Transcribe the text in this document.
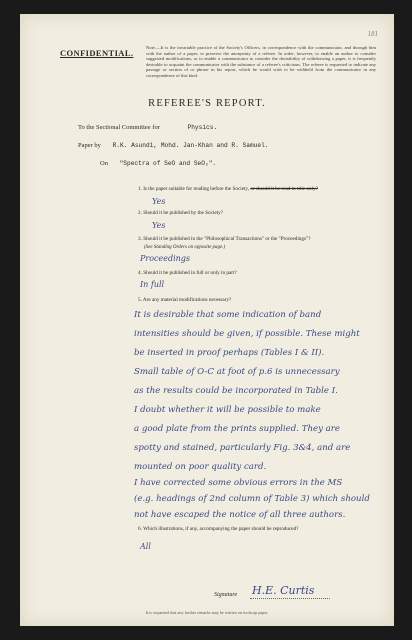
181
CONFIDENTIAL.
Note.—It is the invariable practice of the Society's Officers, in correspondence with the communicator, and through him with the author of a paper, to preserve the anonymity of a referee. In order, however, to enable an author to consider suggested modifications, or to enable a communicator to consider the desirability of withdrawing a paper, it is frequently desirable to acquaint the communicator with the substance of a referee's criticisms. The referee is requested to indicate any passage or section of or phrase in his report, which he would wish to be withheld from the communicator in any correspondence of this kind.
REFEREE'S REPORT.
To the Sectional Committee for	Physics.
Paper by R.K. Asundi, Mohd. Jan-Khan and R. Samuel.
On "Spectra of SeO and SeO₂".
1. Is the paper suitable for reading before the Society, or should it be read in title only?
Yes
2. Should it be published by the Society?
Yes
3. Should it be published in the "Philosophical Transactions" or the "Proceedings"?
(See Standing Orders on opposite page.)
Proceedings
4. Should it be published in full or only in part?
In full
5. Are any material modifications necessary?
It is desirable that some indication of band
intensities should be given, if possible. These might
be inserted in proof perhaps (Tables I & II).
Small table of O-C at foot of p.6 is unnecessary
as the results could be incorporated in Table I.
I doubt whether it will be possible to make
a good plate from the prints supplied. They are
spotty and stained, particularly Fig. 3&4, and are
mounted on poor quality card.
I have corrected some obvious errors in the MS
(e.g. headings of 2nd column of Table 3) which should
not have escaped the notice of all three authors.
6. Which illustrations, if any, accompanying the paper should be reproduced?
All
Signature H.E. Curtis
It is requested that any further remarks may be written on foolscap paper.
